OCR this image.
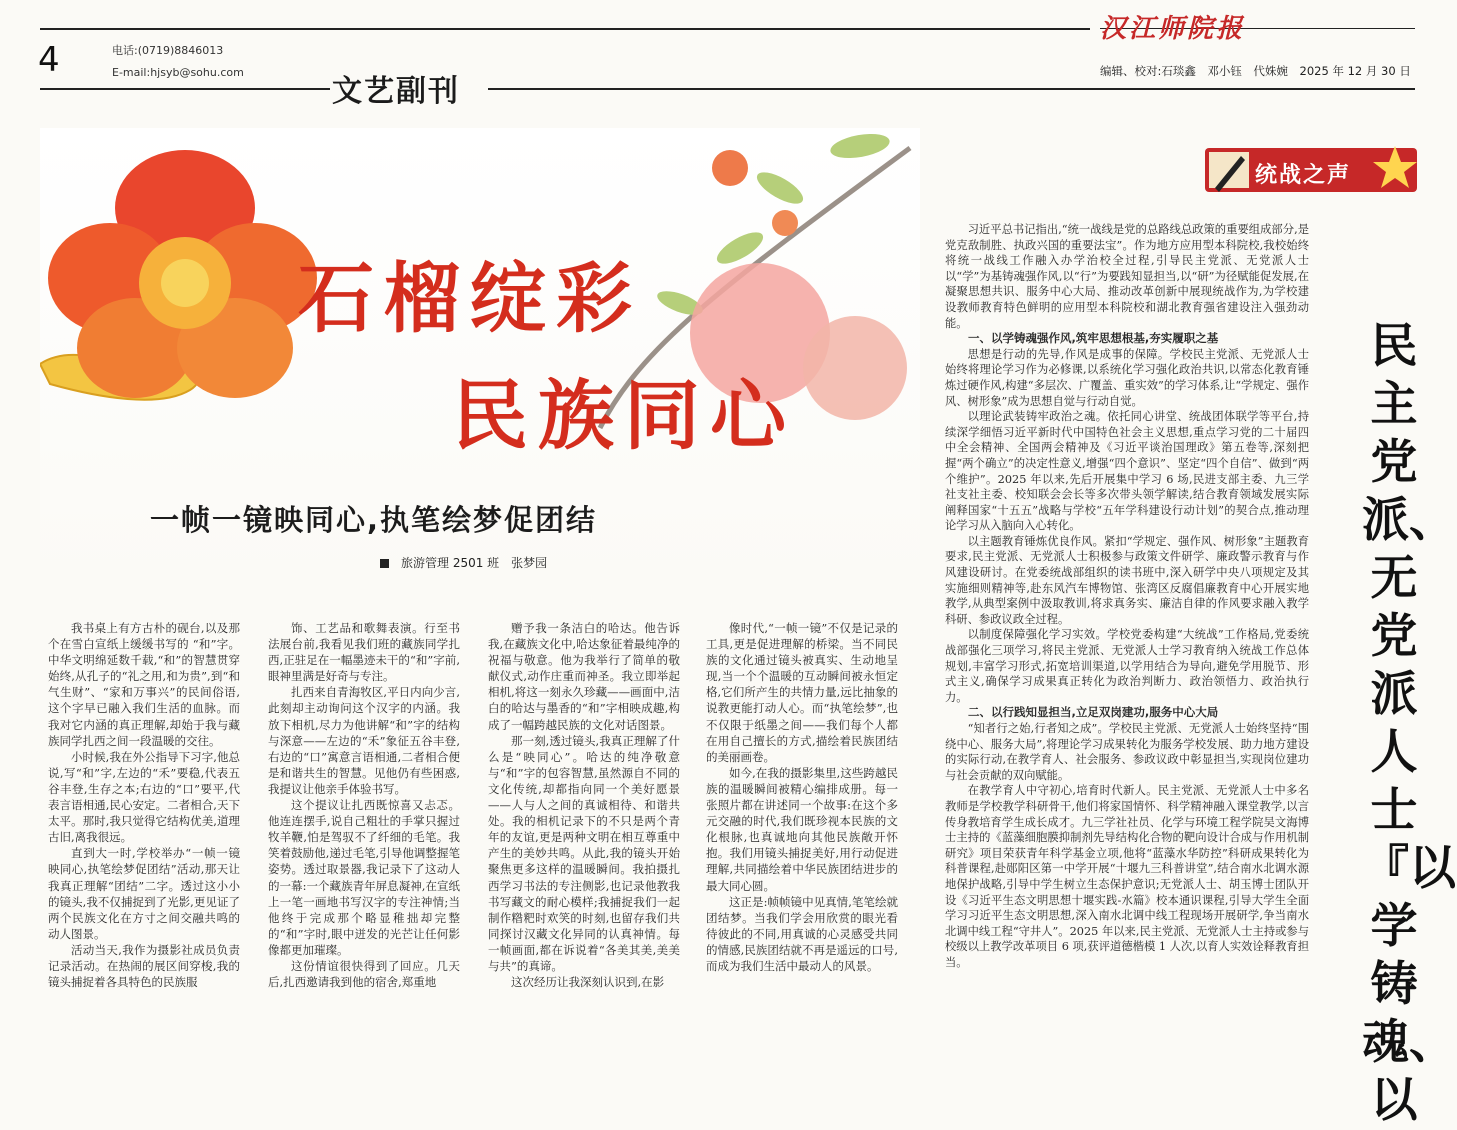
4	电话:(0719)8846013
E-mail:hjsyb@sohu.com
文艺副刊
汉江师院报
编辑、校对:石琰鑫　邓小钰　代姝婉 2025 年 12 月 30 日
石榴绽彩
民族同心
一帧一镜映同心,执笔绘梦促团结
旅游管理 2501 班　张梦园

我书桌上有方古朴的砚台,以及那个在雪白宣纸上缓缓书写的 “和”字。中华文明绵延数千载,“和”的智慧贯穿始终,从孔子的“礼之用,和为贵”,到“和气生财”、“家和万事兴”的民间俗语,这个字早已融入我们生活的血脉。而我对它内涵的真正理解,却始于我与藏族同学扎西之间一段温暖的交往。

小时候,我在外公指导下习字,他总说,写“和”字,左边的“禾”要稳,代表五谷丰登,生存之本;右边的“口”要平,代表言语相通,民心安定。二者相合,天下太平。那时,我只觉得它结构优美,道理古旧,离我很远。

直到大一时,学校举办“一帧一镜映同心,执笔绘梦促团结”活动,那天让我真正理解“团结”二字。透过这小小的镜头,我不仅捕捉到了光影,更见证了两个民族文化在方寸之间交融共鸣的动人图景。

活动当天,我作为摄影社成员负责记录活动。在热闹的展区间穿梭,我的镜头捕捉着各具特色的民族服

饰、工艺品和歌舞表演。行至书法展台前,我看见我们班的藏族同学扎西,正驻足在一幅墨迹未干的“和”字前,眼神里满是好奇与专注。

扎西来自青海牧区,平日内向少言,此刻却主动询问这个汉字的内涵。我放下相机,尽力为他讲解“和”字的结构与深意——左边的“禾”象征五谷丰登,右边的“口”寓意言语相通,二者相合便是和谐共生的智慧。见他仍有些困惑,我提议让他亲手体验书写。

这个提议让扎西既惊喜又忐忑。他连连摆手,说自己粗壮的手掌只握过牧羊鞭,怕是驾驭不了纤细的毛笔。我笑着鼓励他,递过毛笔,引导他调整握笔姿势。透过取景器,我记录下了这动人的一幕:一个藏族青年屏息凝神,在宣纸上一笔一画地书写汉字的专注神情;当他终于完成那个略显稚拙却完整的“和”字时,眼中迸发的光芒让任何影像都更加璀璨。

这份情谊很快得到了回应。几天后,扎西邀请我到他的宿舍,郑重地

赠予我一条洁白的哈达。他告诉我,在藏族文化中,哈达象征着最纯净的祝福与敬意。他为我举行了简单的敬献仪式,动作庄重而神圣。我立即举起相机,将这一刻永久珍藏——画面中,洁白的哈达与墨香的“和”字相映成趣,构成了一幅跨越民族的文化对话图景。

那一刻,透过镜头,我真正理解了什么是“映同心”。哈达的纯净敬意与“和”字的包容智慧,虽然源自不同的文化传统,却都指向同一个美好愿景——人与人之间的真诚相待、和谐共处。我的相机记录下的不只是两个青年的友谊,更是两种文明在相互尊重中产生的美妙共鸣。从此,我的镜头开始聚焦更多这样的温暖瞬间。我拍摄扎西学习书法的专注侧影,也记录他教我书写藏文的耐心模样;我捕捉我们一起制作糌粑时欢笑的时刻,也留存我们共同探讨汉藏文化异同的认真神情。每一帧画面,都在诉说着“各美其美,美美与共”的真谛。

这次经历让我深刻认识到,在影

像时代,“一帧一镜”不仅是记录的工具,更是促进理解的桥梁。当不同民族的文化通过镜头被真实、生动地呈现,当一个个温暖的互动瞬间被永恒定格,它们所产生的共情力量,远比抽象的说教更能打动人心。而“执笔绘梦”,也不仅限于纸墨之间——我们每个人都在用自己擅长的方式,描绘着民族团结的美丽画卷。

如今,在我的摄影集里,这些跨越民族的温暖瞬间被精心编排成册。每一张照片都在讲述同一个故事:在这个多元交融的时代,我们既珍视本民族的文化根脉,也真诚地向其他民族敞开怀抱。我们用镜头捕捉美好,用行动促进理解,共同描绘着中华民族团结进步的最大同心圆。

这正是:帧帧镜中见真情,笔笔绘就团结梦。当我们学会用欣赏的眼光看待彼此的不同,用真诚的心灵感受共同的情感,民族团结就不再是遥远的口号,而成为我们生活中最动人的风景。

统战之声

习近平总书记指出,“统一战线是党的总路线总政策的重要组成部分,是党克敌制胜、执政兴国的重要法宝”。作为地方应用型本科院校,我校始终将统一战线工作融入办学治校全过程,引导民主党派、无党派人士以“学”为基铸魂强作风,以“行”为要践知显担当,以“研”为径赋能促发展,在凝聚思想共识、服务中心大局、推动改革创新中展现统战作为,为学校建设教师教育特色鲜明的应用型本科院校和湖北教育强省建设注入强劲动能。

一、以学铸魂强作风,筑牢思想根基,夯实履职之基

思想是行动的先导,作风是成事的保障。学校民主党派、无党派人士始终将理论学习作为必修课,以系统化学习强化政治共识,以常态化教育锤炼过硬作风,构建“多层次、广覆盖、重实效”的学习体系,让“学规定、强作风、树形象”成为思想自觉与行动自觉。

以理论武装铸牢政治之魂。依托同心讲堂、统战团体联学等平台,持续深学细悟习近平新时代中国特色社会主义思想,重点学习党的二十届四中全会精神、全国两会精神及《习近平谈治国理政》第五卷等,深刻把握“两个确立”的决定性意义,增强“四个意识”、坚定“四个自信”、做到“两个维护”。2025 年以来,先后开展集中学习 6 场,民进支部主委、九三学社支社主委、校知联会会长等多次带头领学解读,结合教育领域发展实际阐释国家“十五五”战略与学校“五年学科建设行动计划”的契合点,推动理论学习从入脑向入心转化。

以主题教育锤炼优良作风。紧扣“学规定、强作风、树形象”主题教育要求,民主党派、无党派人士积极参与政策文件研学、廉政警示教育与作风建设研讨。在党委统战部组织的读书班中,深入研学中央八项规定及其实施细则精神等,赴东风汽车博物馆、张湾区反腐倡廉教育中心开展实地教学,从典型案例中汲取教训,将求真务实、廉洁自律的作风要求融入教学科研、参政议政全过程。

以制度保障强化学习实效。学校党委构建“大统战”工作格局,党委统战部强化三项学习,将民主党派、无党派人士学习教育纳入统战工作总体规划,丰富学习形式,拓宽培训渠道,以学用结合为导向,避免学用脱节、形式主义,确保学习成果真正转化为政治判断力、政治领悟力、政治执行力。

二、以行践知显担当,立足双岗建功,服务中心大局

“知者行之始,行者知之成”。学校民主党派、无党派人士始终坚持“围绕中心、服务大局”,将理论学习成果转化为服务学校发展、助力地方建设的实际行动,在教学育人、社会服务、参政议政中彰显担当,实现岗位建功与社会贡献的双向赋能。

在教学育人中守初心,培育时代新人。民主党派、无党派人士中多名教师是学校教学科研骨干,他们将家国情怀、科学精神融入课堂教学,以言传身教培育学生成长成才。九三学社社员、化学与环境工程学院吴文海博士主持的《蓝藻细胞膜抑制剂先导结构化合物的靶向设计合成与作用机制研究》项目荣获青年科学基金立项,他将“蓝藻水华防控”科研成果转化为科普课程,赴郧阳区第一中学开展“十堰九三科普讲堂”,结合南水北调水源地保护战略,引导中学生树立生态保护意识;无党派人士、胡玉博士团队开设《习近平生态文明思想十堰实践-水篇》校本通识课程,引导大学生全面学习习近平生态文明思想,深入南水北调中线工程现场开展研学,争当南水北调中线工程“守井人”。2025 年以来,民主党派、无党派人士主持或参与校级以上教学改革项目 6 项,获评道德楷模 1 人次,以育人实效诠释教育担当。

民主党派、无党派人士『以学铸魂、以
